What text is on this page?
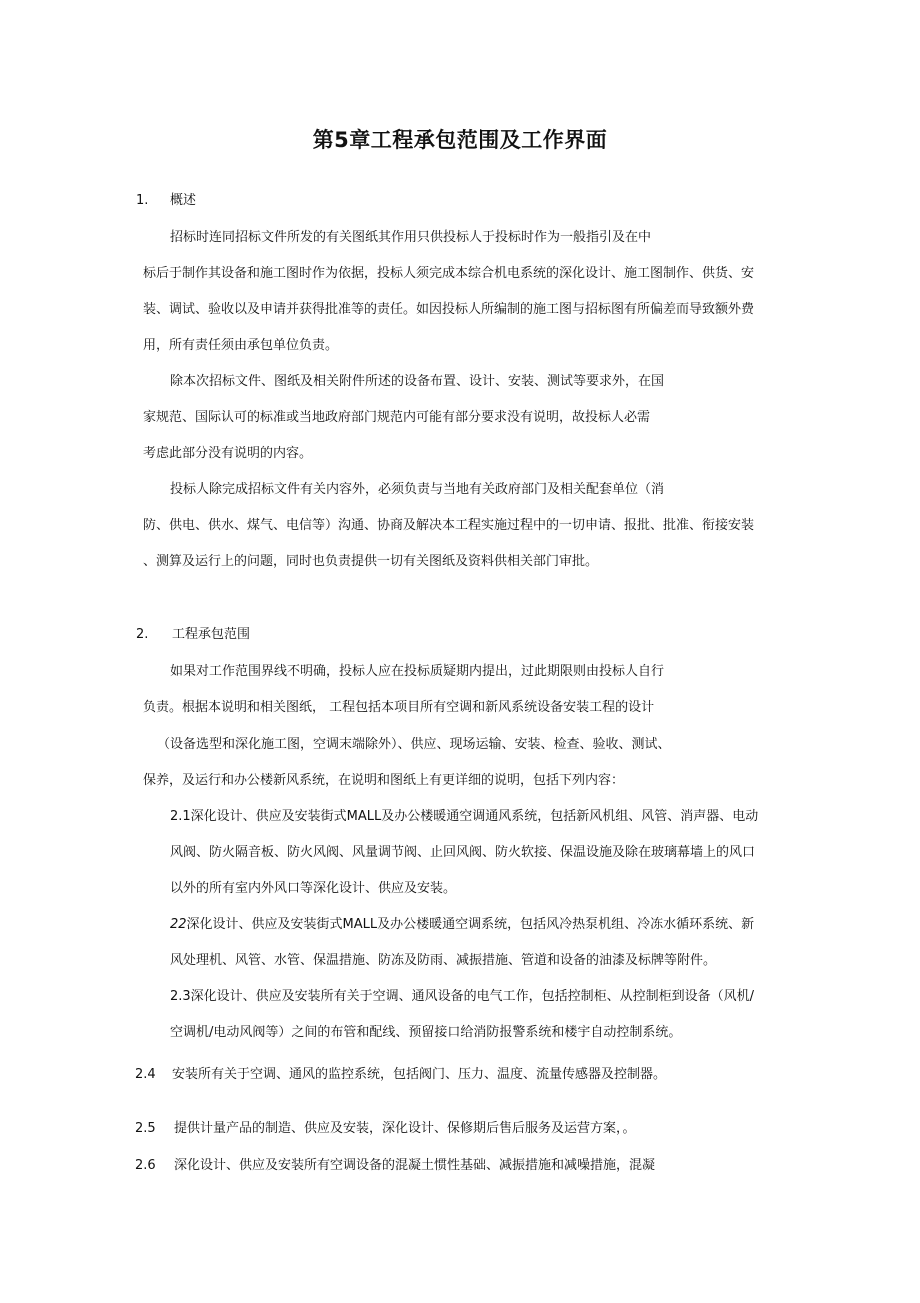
第5章工程承包范围及工作界面
1. 概述

招标时连同招标文件所发的有关图纸其作用只供投标人于投标时作为一般指引及在中

标后于制作其设备和施工图时作为依据，投标人须完成本综合机电系统的深化设计、施工图制作、供货、安

装、调试、验收以及申请并获得批准等的责任。如因投标人所编制的施工图与招标图有所偏差而导致额外费

用，所有责任须由承包单位负责。

除本次招标文件、图纸及相关附件所述的设备布置、设计、安装、测试等要求外，在国

家规范、国际认可的标准或当地政府部门规范内可能有部分要求没有说明，故投标人必需

考虑此部分没有说明的内容。

投标人除完成招标文件有关内容外，必须负责与当地有关政府部门及相关配套单位（消

防、供电、供水、煤气、电信等）沟通、协商及解决本工程实施过程中的一切申请、报批、批准、衔接安装

、测算及运行上的问题，同时也负责提供一切有关图纸及资料供相关部门审批。

2. 工程承包范围

如果对工作范围界线不明确，投标人应在投标质疑期内提出，过此期限则由投标人自行

负责。根据本说明和相关图纸， 工程包括本项目所有空调和新风系统设备安装工程的设计

（设备选型和深化施工图，空调末端除外）、供应、现场运输、安装、检查、验收、测试、

保养，及运行和办公楼新风系统，在说明和图纸上有更详细的说明，包括下列内容：

2.1深化设计、供应及安装街式MALL及办公楼暖通空调通风系统，包括新风机组、风管、消声器、电动

风阀、防火隔音板、防火风阀、风量调节阀、止回风阀、防火软接、保温设施及除在玻璃幕墙上的风口

以外的所有室内外风口等深化设计、供应及安装。

22深化设计、供应及安装街式MALL及办公楼暖通空调系统，包括风冷热泵机组、冷冻水循环系统、新

风处理机、风管、水管、保温措施、防冻及防雨、减振措施、管道和设备的油漆及标牌等附件。

2.3深化设计、供应及安装所有关于空调、通风设备的电气工作，包括控制柜、从控制柜到设备（风机/

空调机/电动风阀等）之间的布管和配线、预留接口给消防报警系统和楼宇自动控制系统。

2.4 安装所有关于空调、通风的监控系统，包括阀门、压力、温度、流量传感器及控制器。

2.5 提供计量产品的制造、供应及安装，深化设计、保修期后售后服务及运营方案，。

2.6 深化设计、供应及安装所有空调设备的混凝土惯性基础、减振措施和减噪措施，混凝
